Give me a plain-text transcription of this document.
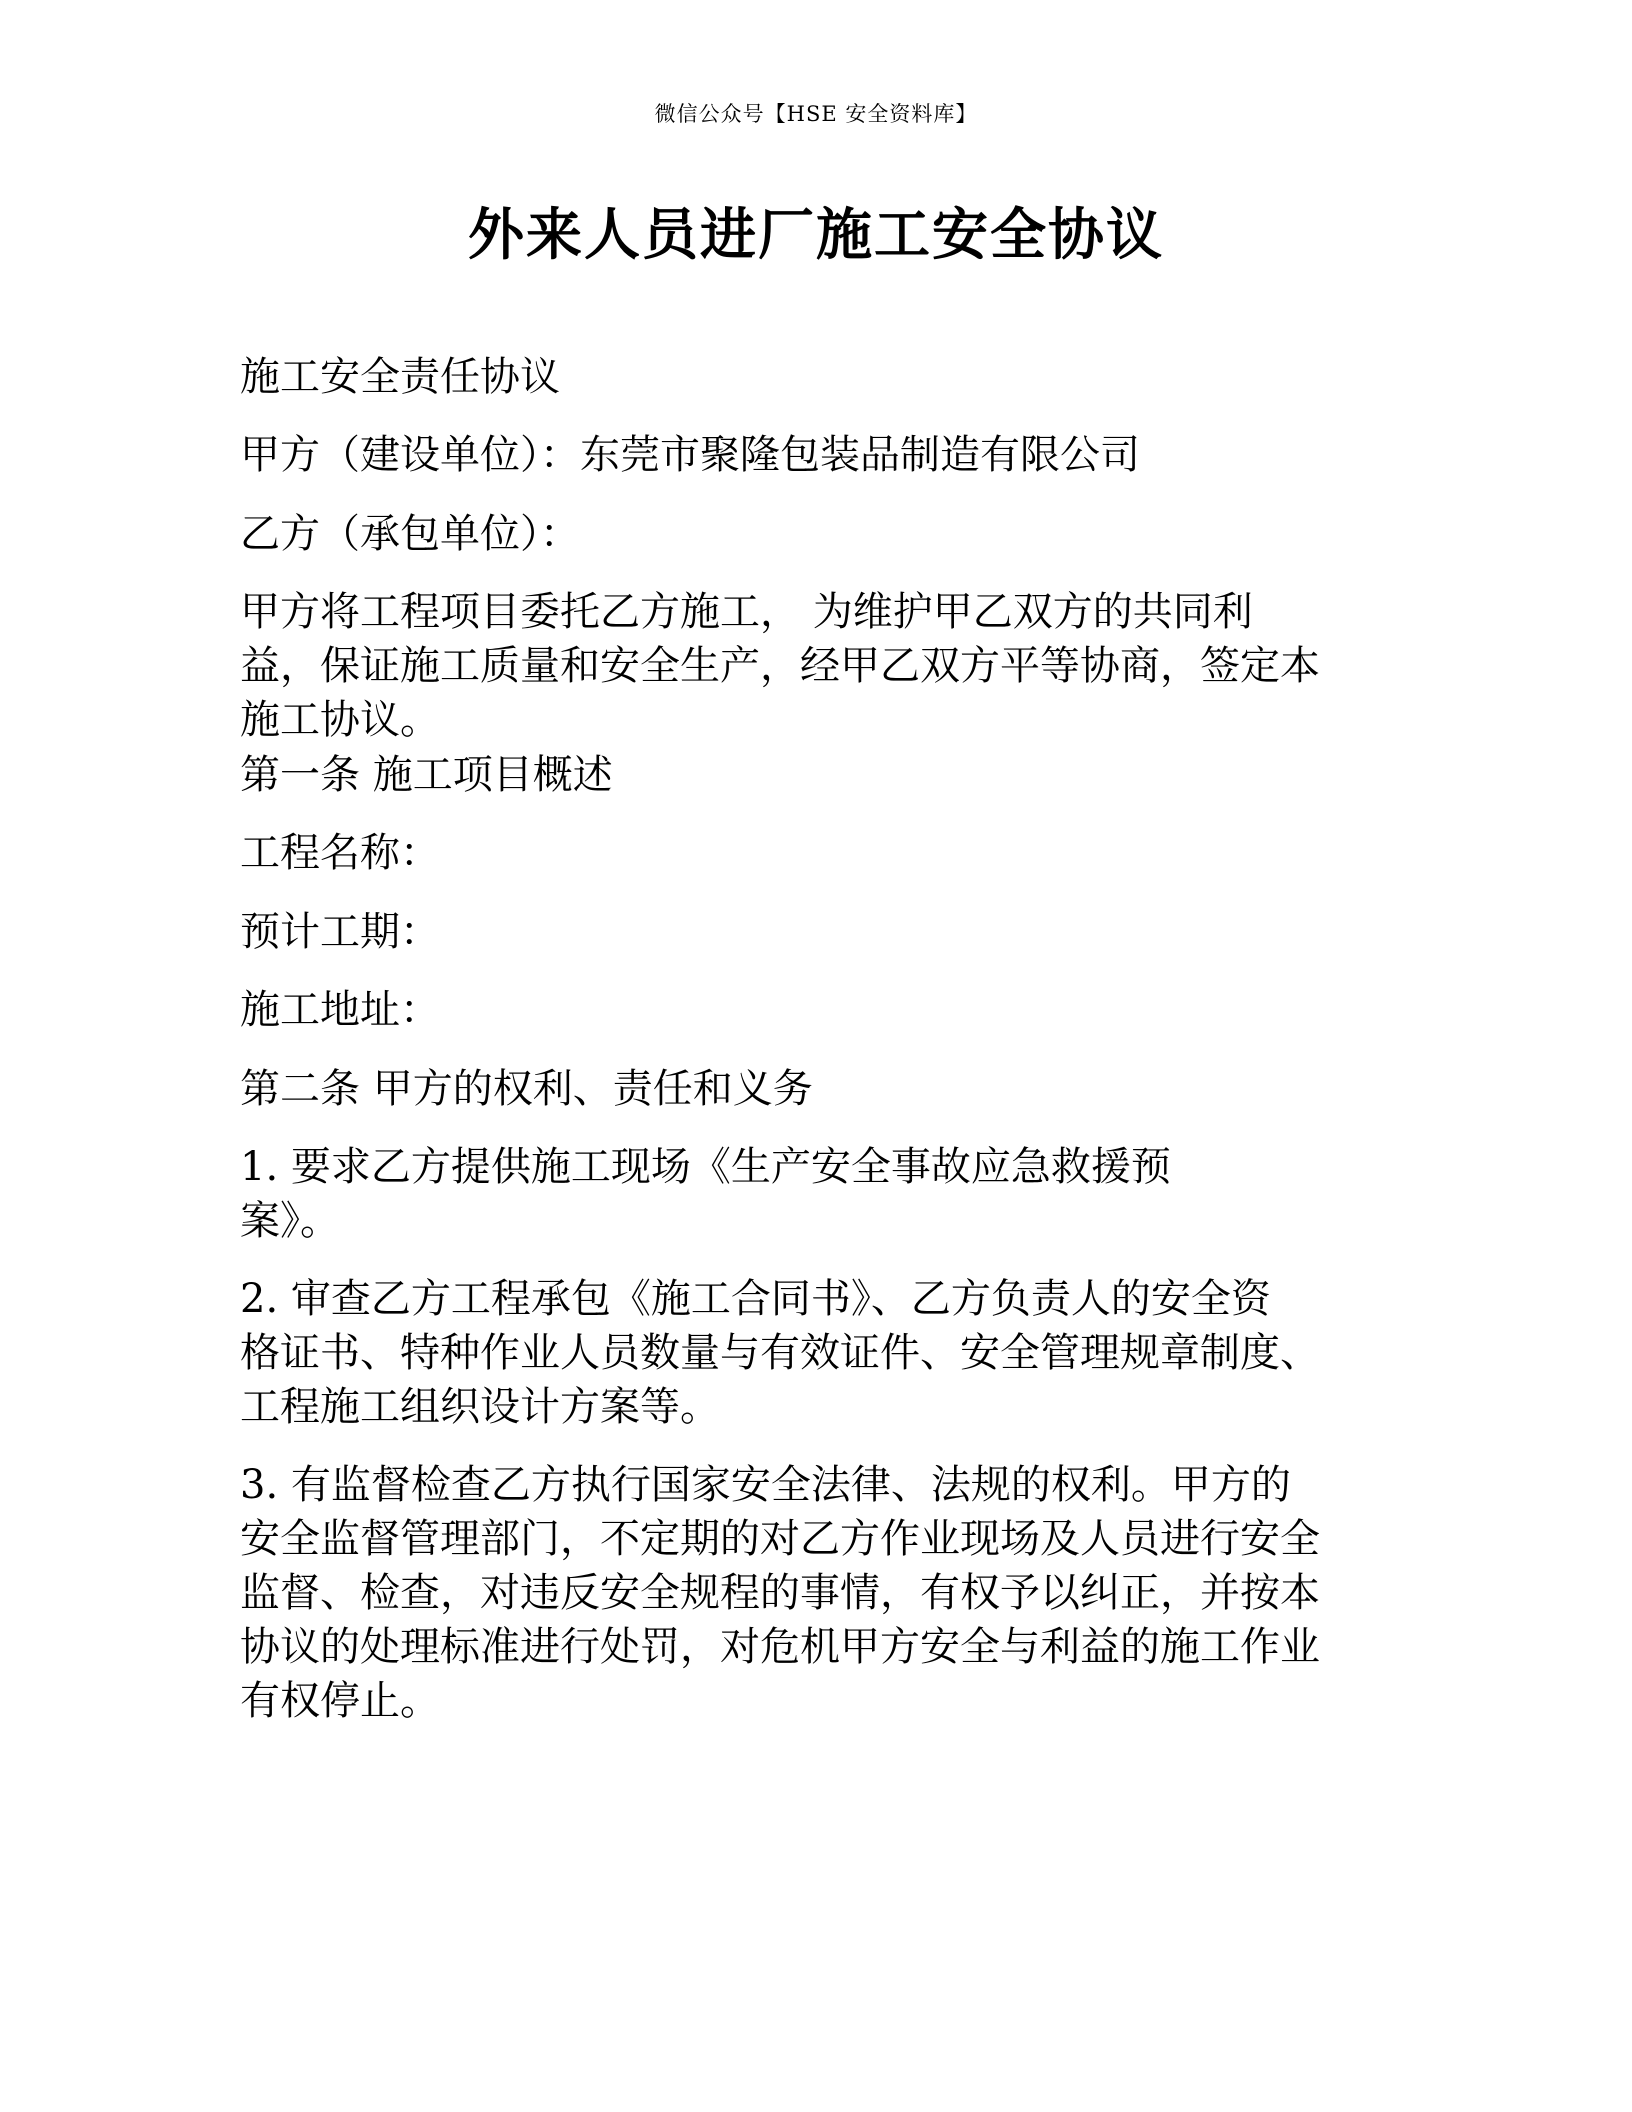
微信公众号【HSE 安全资料库】
外来人员进厂施工安全协议
施工安全责任协议
甲方（建设单位）：东莞市聚隆包装品制造有限公司
乙方（承包单位）：
甲方将工程项目委托乙方施工， 为维护甲乙双方的共同利
益，保证施工质量和安全生产，经甲乙双方平等协商，签定本
施工协议。
第一条 施工项目概述
工程名称：
预计工期：
施工地址：
第二条 甲方的权利、责任和义务
1. 要求乙方提供施工现场《生产安全事故应急救援预
案》。
2. 审查乙方工程承包《施工合同书》、乙方负责人的安全资
格证书、特种作业人员数量与有效证件、安全管理规章制度、
工程施工组织设计方案等。
3. 有监督检查乙方执行国家安全法律、法规的权利。甲方的
安全监督管理部门，不定期的对乙方作业现场及人员进行安全
监督、检查，对违反安全规程的事情，有权予以纠正，并按本
协议的处理标准进行处罚，对危机甲方安全与利益的施工作业
有权停止。
